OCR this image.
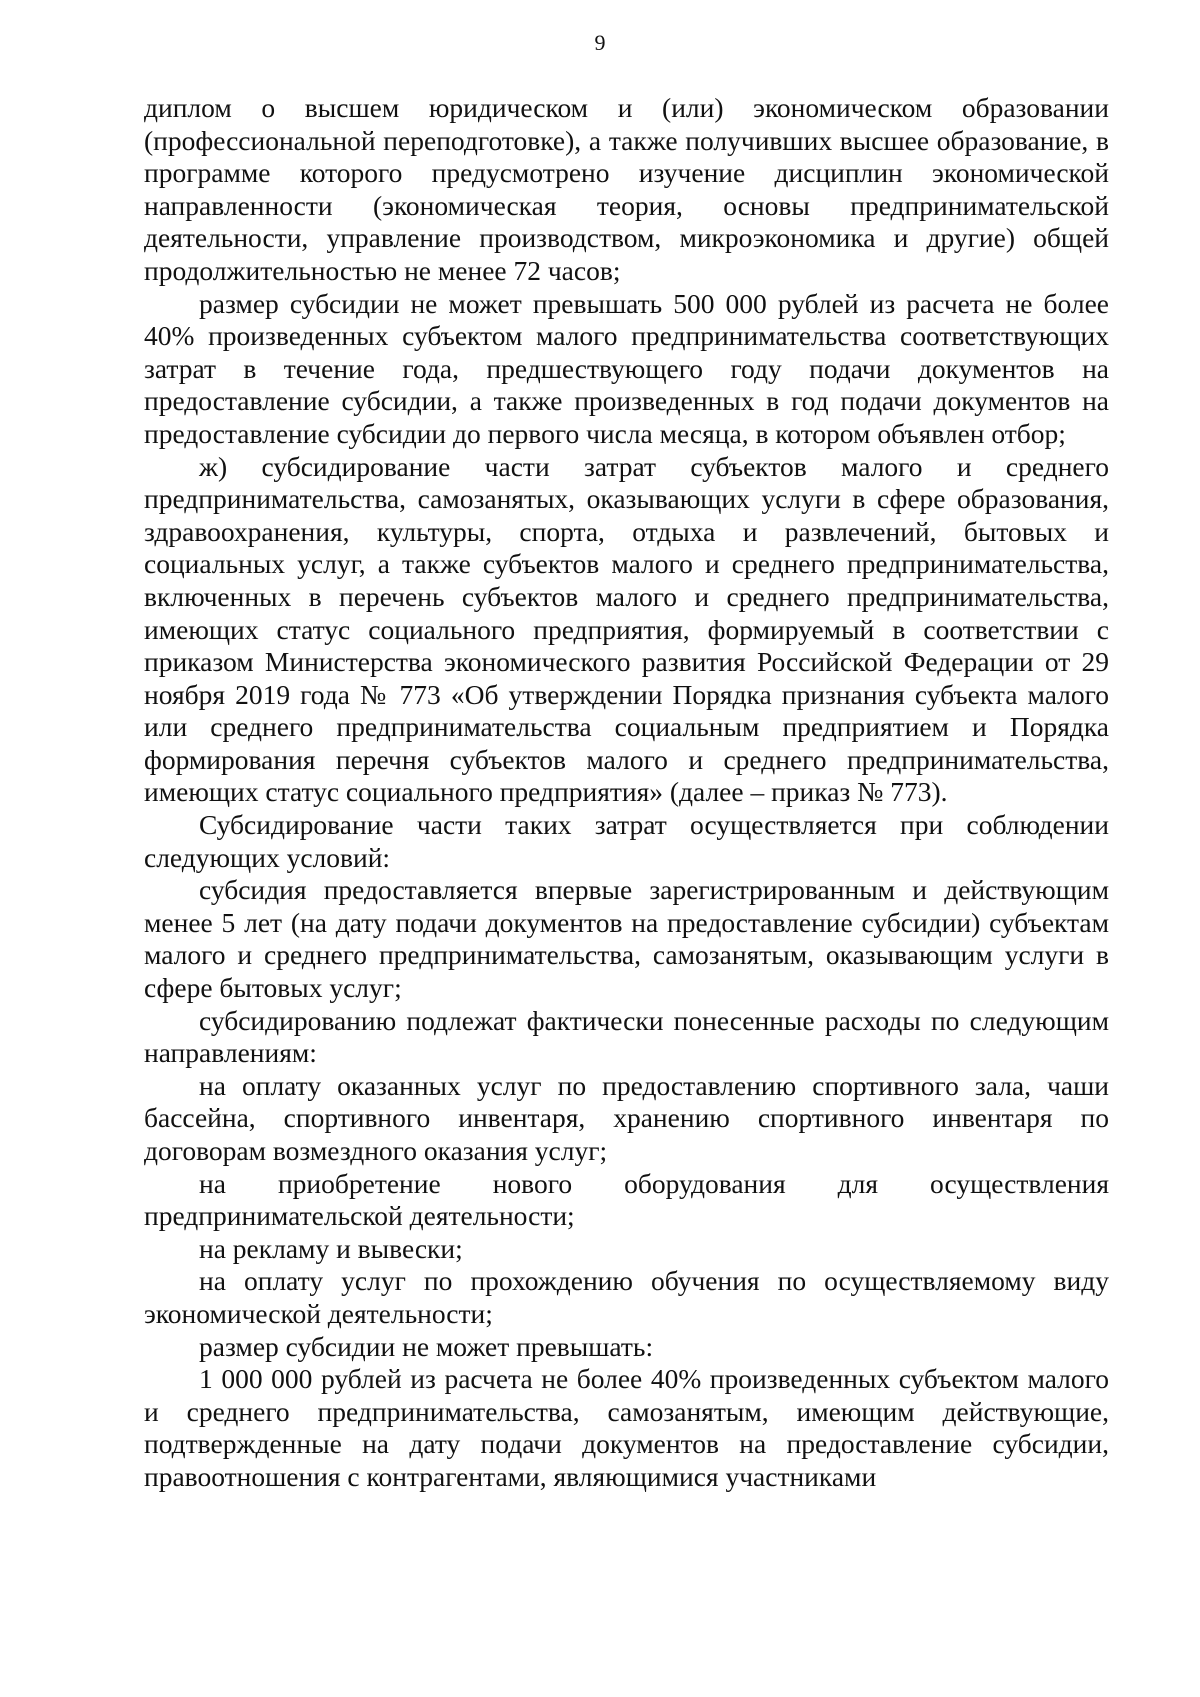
9

диплом о высшем юридическом и (или) экономическом образовании (профессиональной переподготовке), а также получивших высшее образование, в программе которого предусмотрено изучение дисциплин экономической направленности (экономическая теория, основы предпринимательской деятельности, управление производством, микроэкономика и другие) общей продолжительностью не менее 72 часов;

размер субсидии не может превышать 500 000 рублей из расчета не более 40% произведенных субъектом малого предпринимательства соответствующих затрат в течение года, предшествующего году подачи документов на предоставление субсидии, а также произведенных в год подачи документов на предоставление субсидии до первого числа месяца, в котором объявлен отбор;

ж) субсидирование части затрат субъектов малого и среднего предпринимательства, самозанятых, оказывающих услуги в сфере образования, здравоохранения, культуры, спорта, отдыха и развлечений, бытовых и социальных услуг, а также субъектов малого и среднего предпринимательства, включенных в перечень субъектов малого и среднего предпринимательства, имеющих статус социального предприятия, формируемый в соответствии с приказом Министерства экономического развития Российской Федерации от 29 ноября 2019 года № 773 «Об утверждении Порядка признания субъекта малого или среднего предпринимательства социальным предприятием и Порядка формирования перечня субъектов малого и среднего предпринимательства, имеющих статус социального предприятия» (далее – приказ № 773).

Субсидирование части таких затрат осуществляется при соблюдении следующих условий:

субсидия предоставляется впервые зарегистрированным и действующим менее 5 лет (на дату подачи документов на предоставление субсидии) субъектам малого и среднего предпринимательства, самозанятым, оказывающим услуги в сфере бытовых услуг;

субсидированию подлежат фактически понесенные расходы по следующим направлениям:

на оплату оказанных услуг по предоставлению спортивного зала, чаши бассейна, спортивного инвентаря, хранению спортивного инвентаря по договорам возмездного оказания услуг;

на приобретение нового оборудования для осуществления предпринимательской деятельности;

на рекламу и вывески;

на оплату услуг по прохождению обучения по осуществляемому виду экономической деятельности;

размер субсидии не может превышать:

1 000 000 рублей из расчета не более 40% произведенных субъектом малого и среднего предпринимательства, самозанятым, имеющим действующие, подтвержденные на дату подачи документов на предоставление субсидии, правоотношения с контрагентами, являющимися участниками
